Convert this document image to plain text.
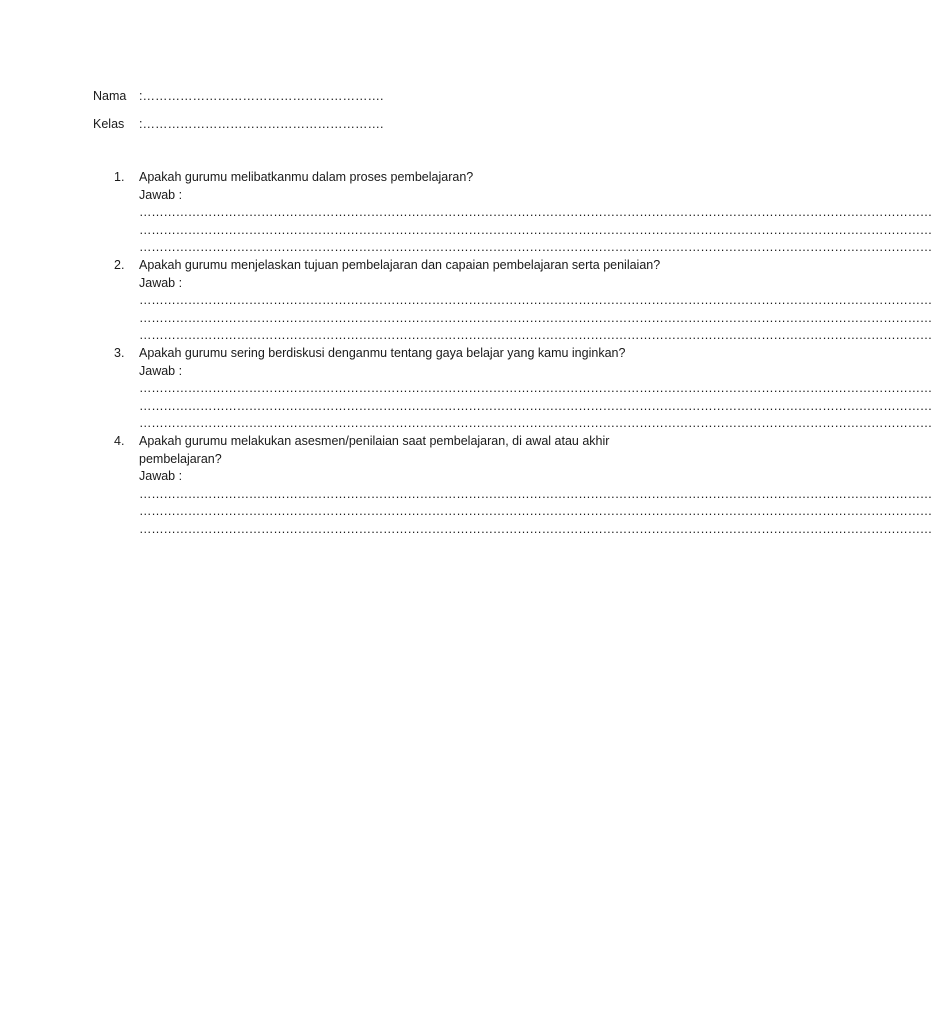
Nama	:………………………………………………….
Kelas	:………………………………………………….
1.	Apakah gurumu melibatkanmu dalam proses pembelajaran?
Jawab :
……………………………………………………………………………………………………………………………………………………………………………
……………………………………………………………………………………………………………………………………………………………………………
……………………………………………………………………………………………………………………………………………………………………………
2.	Apakah gurumu menjelaskan tujuan pembelajaran dan capaian pembelajaran serta penilaian?
Jawab :
……………………………………………………………………………………………………………………………………………………………………………
……………………………………………………………………………………………………………………………………………………………………………
……………………………………………………………………………………………………………………………………………………………………………
3.	Apakah gurumu sering berdiskusi denganmu tentang gaya belajar yang kamu inginkan?
Jawab :
……………………………………………………………………………………………………………………………………………………………………………
……………………………………………………………………………………………………………………………………………………………………………
……………………………………………………………………………………………………………………………………………………………………………
4.	Apakah gurumu melakukan asesmen/penilaian saat pembelajaran, di awal atau akhir pembelajaran?
Jawab :
……………………………………………………………………………………………………………………………………………………………………………
……………………………………………………………………………………………………………………………………………………………………………
……………………………………………………………………………………………………………………………………………………………………………
